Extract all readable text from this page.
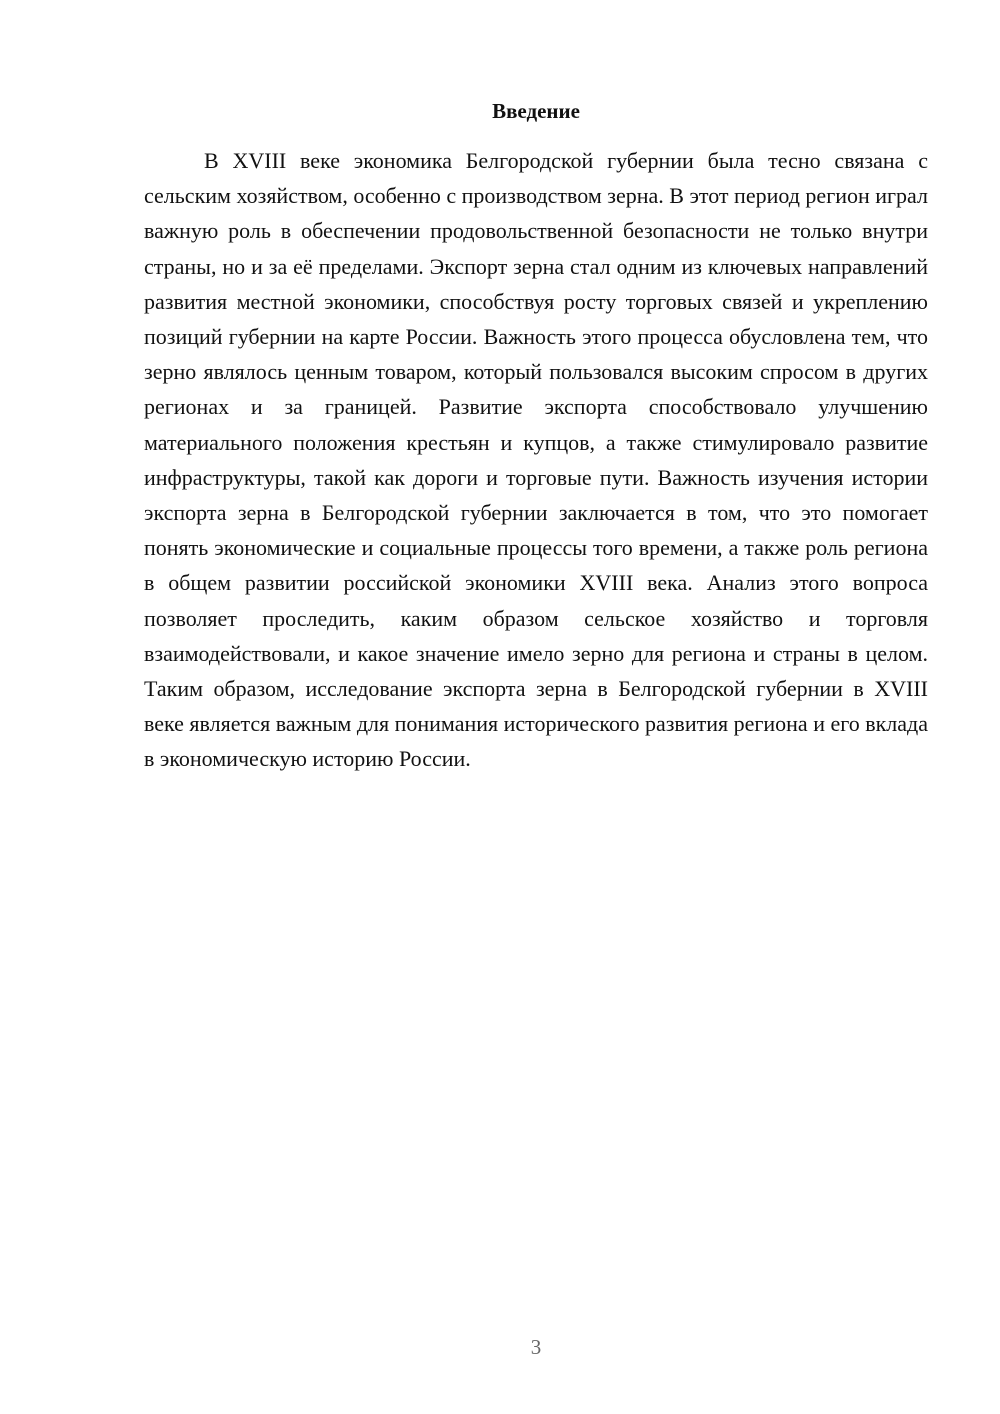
Введение

В XVIII веке экономика Белгородской губернии была тесно связана с сельским хозяйством, особенно с производством зерна. В этот период регион играл важную роль в обеспечении продовольственной безопасности не только внутри страны, но и за её пределами. Экспорт зерна стал одним из ключевых направлений развития местной экономики, способствуя росту торговых связей и укреплению позиций губернии на карте России. Важность этого процесса обусловлена тем, что зерно являлось ценным товаром, который пользовался высоким спросом в других регионах и за границей. Развитие экспорта способствовало улучшению материального положения крестьян и купцов, а также стимулировало развитие инфраструктуры, такой как дороги и торговые пути. Важность изучения истории экспорта зерна в Белгородской губернии заключается в том, что это помогает понять экономические и социальные процессы того времени, а также роль региона в общем развитии российской экономики XVIII века. Анализ этого вопроса позволяет проследить, каким образом сельское хозяйство и торговля взаимодействовали, и какое значение имело зерно для региона и страны в целом. Таким образом, исследование экспорта зерна в Белгородской губернии в XVIII веке является важным для понимания исторического развития региона и его вклада в экономическую историю России.

3
